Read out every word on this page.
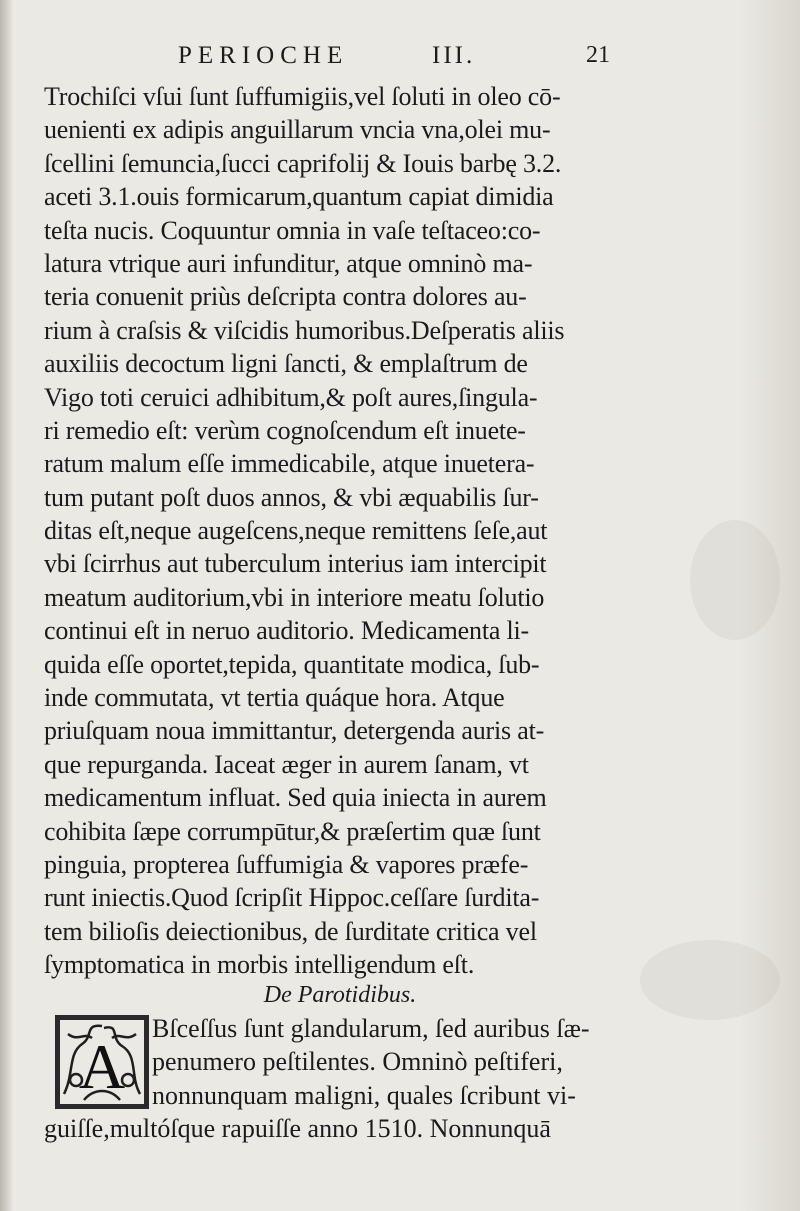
PERIOCHE	III.	21
Trochiſci vſui ſunt ſuffumigiis,vel ſoluti in oleo cō-
uenienti ex adipis anguillarum vncia vna,olei mu-
ſcellini ſemuncia,ſucci caprifolij & Iouis barbę 3.2.
aceti 3.1.ouis formicarum,quantum capiat dimidia
teſta nucis. Coquuntur omnia in vaſe teſtaceo:co-
latura vtrique auri infunditur, atque omninò ma-
teria conuenit priùs deſcripta contra dolores au-
rium à craſsis & viſcidis humoribus.Deſperatis aliis
auxiliis decoctum ligni ſancti, & emplaſtrum de
Vigo toti ceruici adhibitum,& poſt aures,ſingula-
ri remedio eſt: verùm cognoſcendum eſt inuete-
ratum malum eſſe immedicabile, atque inuetera-
tum putant poſt duos annos, & vbi æquabilis ſur-
ditas eſt,neque augeſcens,neque remittens ſeſe,aut
vbi ſcirrhus aut tuberculum interius iam intercipit
meatum auditorium,vbi in interiore meatu ſolutio
continui eſt in neruo auditorio. Medicamenta li-
quida eſſe oportet,tepida, quantitate modica, ſub-
inde commutata, vt tertia quáque hora. Atque
priuſquam noua immittantur, detergenda auris at-
que repurganda. Iaceat æger in aurem ſanam, vt
medicamentum influat. Sed quia iniecta in aurem
cohibita ſæpe corrumpūtur,& præſertim quæ ſunt
pinguia, propterea ſuffumigia & vapores præfe-
runt iniectis.Quod ſcripſit Hippoc.ceſſare ſurdita-
tem bilioſis deiectionibus, de ſurditate critica vel
ſymptomatica in morbis intelligendum eſt.
De Parotidibus.
A
Bſceſſus ſunt glandularum, ſed auribus ſæ-
penumero peſtilentes. Omninò peſtiferi,
nonnunquam maligni, quales ſcribunt vi-
guiſſe,multóſque rapuiſſe anno 1510. Nonnunquā
